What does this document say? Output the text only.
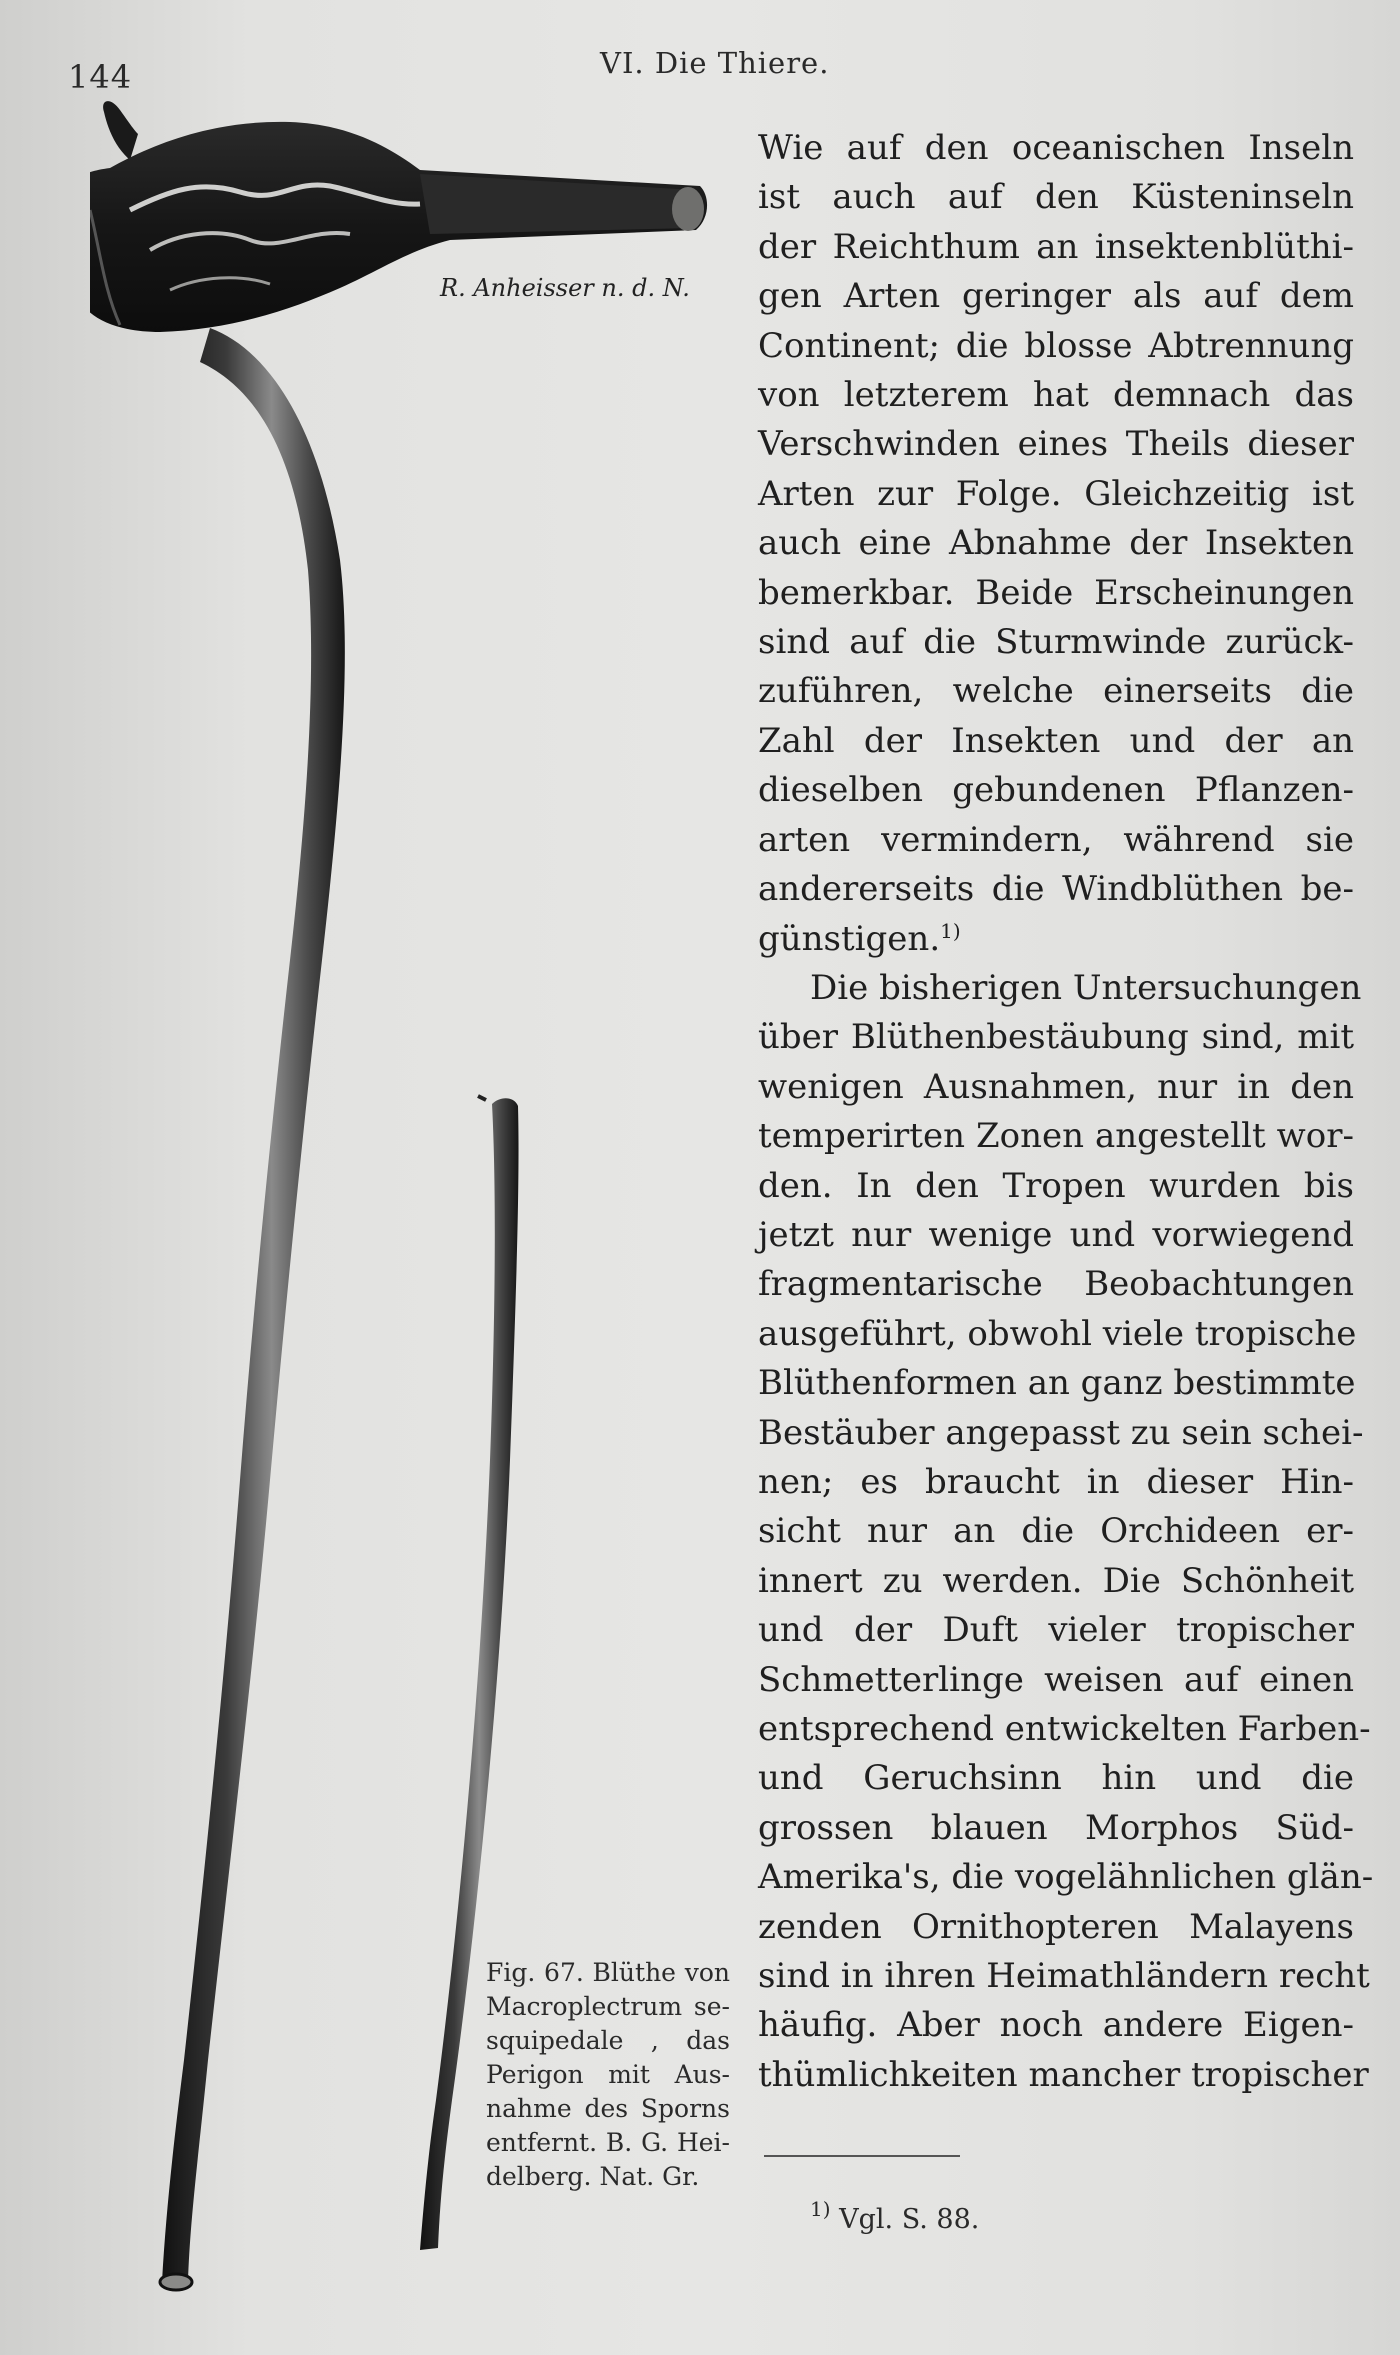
144	VI. Die Thiere.
R. Anheisser n. d. N.
Fig. 67. Blüthe von
Macroplectrum se-
squipedale , das
Perigon mit Aus-
nahme des Sporns
entfernt. B. G. Hei-
delberg. Nat. Gr.
Wie auf den oceanischen Inseln
ist auch auf den Küsteninseln
der Reichthum an insektenblüthi-
gen Arten geringer als auf dem
Continent; die blosse Abtrennung
von letzterem hat demnach das
Verschwinden eines Theils dieser
Arten zur Folge. Gleichzeitig ist
auch eine Abnahme der Insekten
bemerkbar. Beide Erscheinungen
sind auf die Sturmwinde zurück-
zuführen, welche einerseits die
Zahl der Insekten und der an
dieselben gebundenen Pflanzen-
arten vermindern, während sie
andererseits die Windblüthen be-
günstigen.$^{1)}$
Die bisherigen Untersuchungen
über Blüthenbestäubung sind, mit
wenigen Ausnahmen, nur in den
temperirten Zonen angestellt wor-
den. In den Tropen wurden bis
jetzt nur wenige und vorwiegend
fragmentarische Beobachtungen
ausgeführt, obwohl viele tropische
Blüthenformen an ganz bestimmte
Bestäuber angepasst zu sein schei-
nen; es braucht in dieser Hin-
sicht nur an die Orchideen er-
innert zu werden. Die Schönheit
und der Duft vieler tropischer
Schmetterlinge weisen auf einen
entsprechend entwickelten Farben-
und Geruchsinn hin und die
grossen blauen Morphos Süd-
Amerika's, die vogelähnlichen glän-
zenden Ornithopteren Malayens
sind in ihren Heimathländern recht
häufig. Aber noch andere Eigen-
thümlichkeiten mancher tropischer
$^{1)}$ Vgl. S. 88.
